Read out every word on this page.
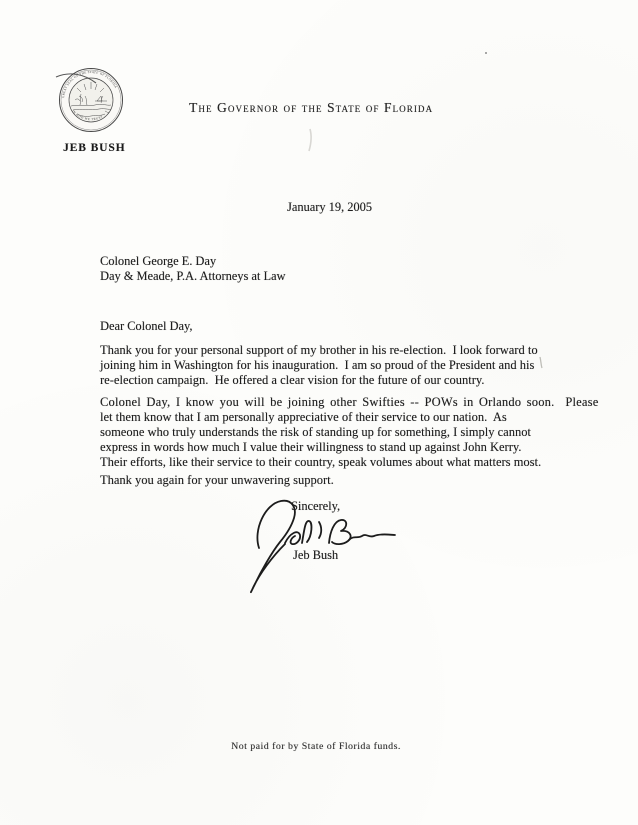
GREAT SEAL OF THE STATE OF FLORIDA
IN GOD WE TRUST
JEB BUSH
The Governor of the State of Florida
January 19, 2005
Colonel George E. Day
Day & Meade, P.A. Attorneys at Law
Dear Colonel Day,
Thank you for your personal support of my brother in his re-election.  I look forward to
joining him in Washington for his inauguration.  I am so proud of the President and his
re-election campaign.  He offered a clear vision for the future of our country.
Colonel Day, I know you will be joining other Swifties -- POWs in Orlando soon.  Please
let them know that I am personally appreciative of their service to our nation.  As
someone who truly understands the risk of standing up for something, I simply cannot
express in words how much I value their willingness to stand up against John Kerry.
Their efforts, like their service to their country, speak volumes about what matters most.
Thank you again for your unwavering support.
Sincerely,
Jeb Bush
Not paid for by State of Florida funds.
